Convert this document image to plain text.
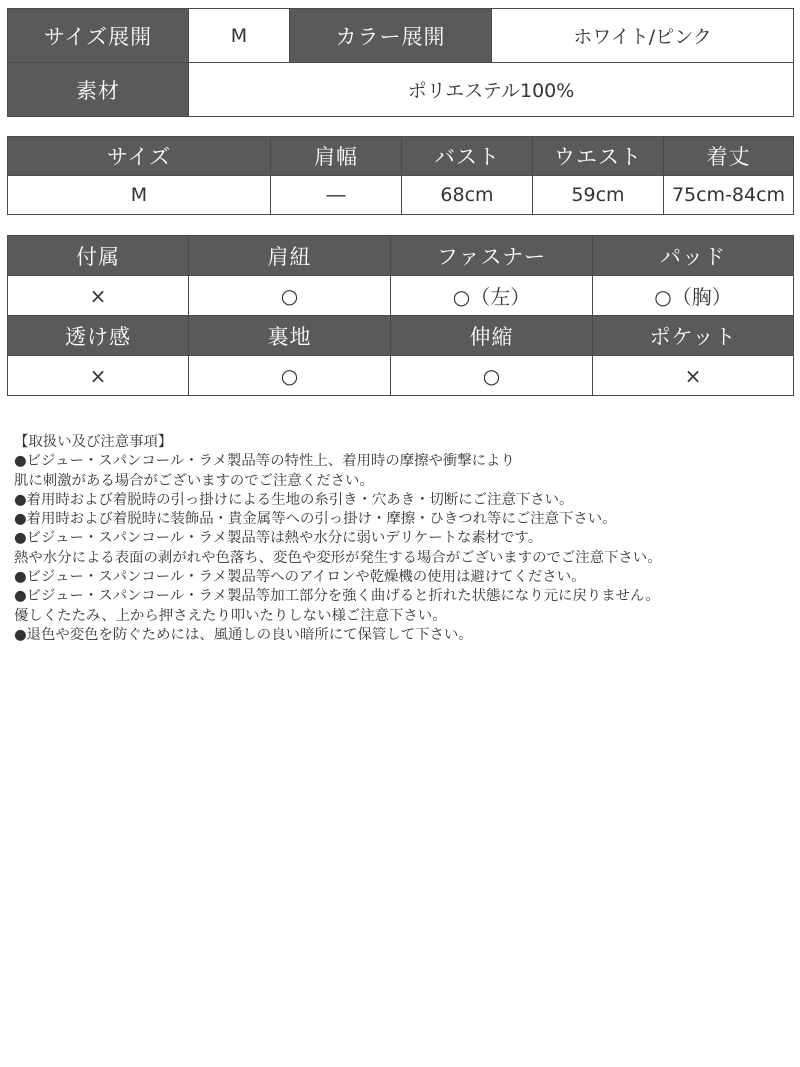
サイズ展開	M	カラー展開	ホワイト/ピンク
素材	ポリエステル100%		
サイズ	肩幅	バスト	ウエスト	着丈
M	―	68cm	59cm	75cm-84cm
付属	肩紐	ファスナー	パッド
×	○	○（左）	○（胸）
透け感	裏地	伸縮	ポケット
×	○	○	×
【取扱い及び注意事項】
●ビジュー・スパンコール・ラメ製品等の特性上、着用時の摩擦や衝撃により
肌に刺激がある場合がございますのでご注意ください。
●着用時および着脱時の引っ掛けによる生地の糸引き・穴あき・切断にご注意下さい。
●着用時および着脱時に装飾品・貴金属等への引っ掛け・摩擦・ひきつれ等にご注意下さい。
●ビジュー・スパンコール・ラメ製品等は熱や水分に弱いデリケートな素材です。
熱や水分による表面の剥がれや色落ち、変色や変形が発生する場合がございますのでご注意下さい。
●ビジュー・スパンコール・ラメ製品等へのアイロンや乾燥機の使用は避けてください。
●ビジュー・スパンコール・ラメ製品等加工部分を強く曲げると折れた状態になり元に戻りません。
優しくたたみ、上から押さえたり叩いたりしない様ご注意下さい。
●退色や変色を防ぐためには、風通しの良い暗所にて保管して下さい。
